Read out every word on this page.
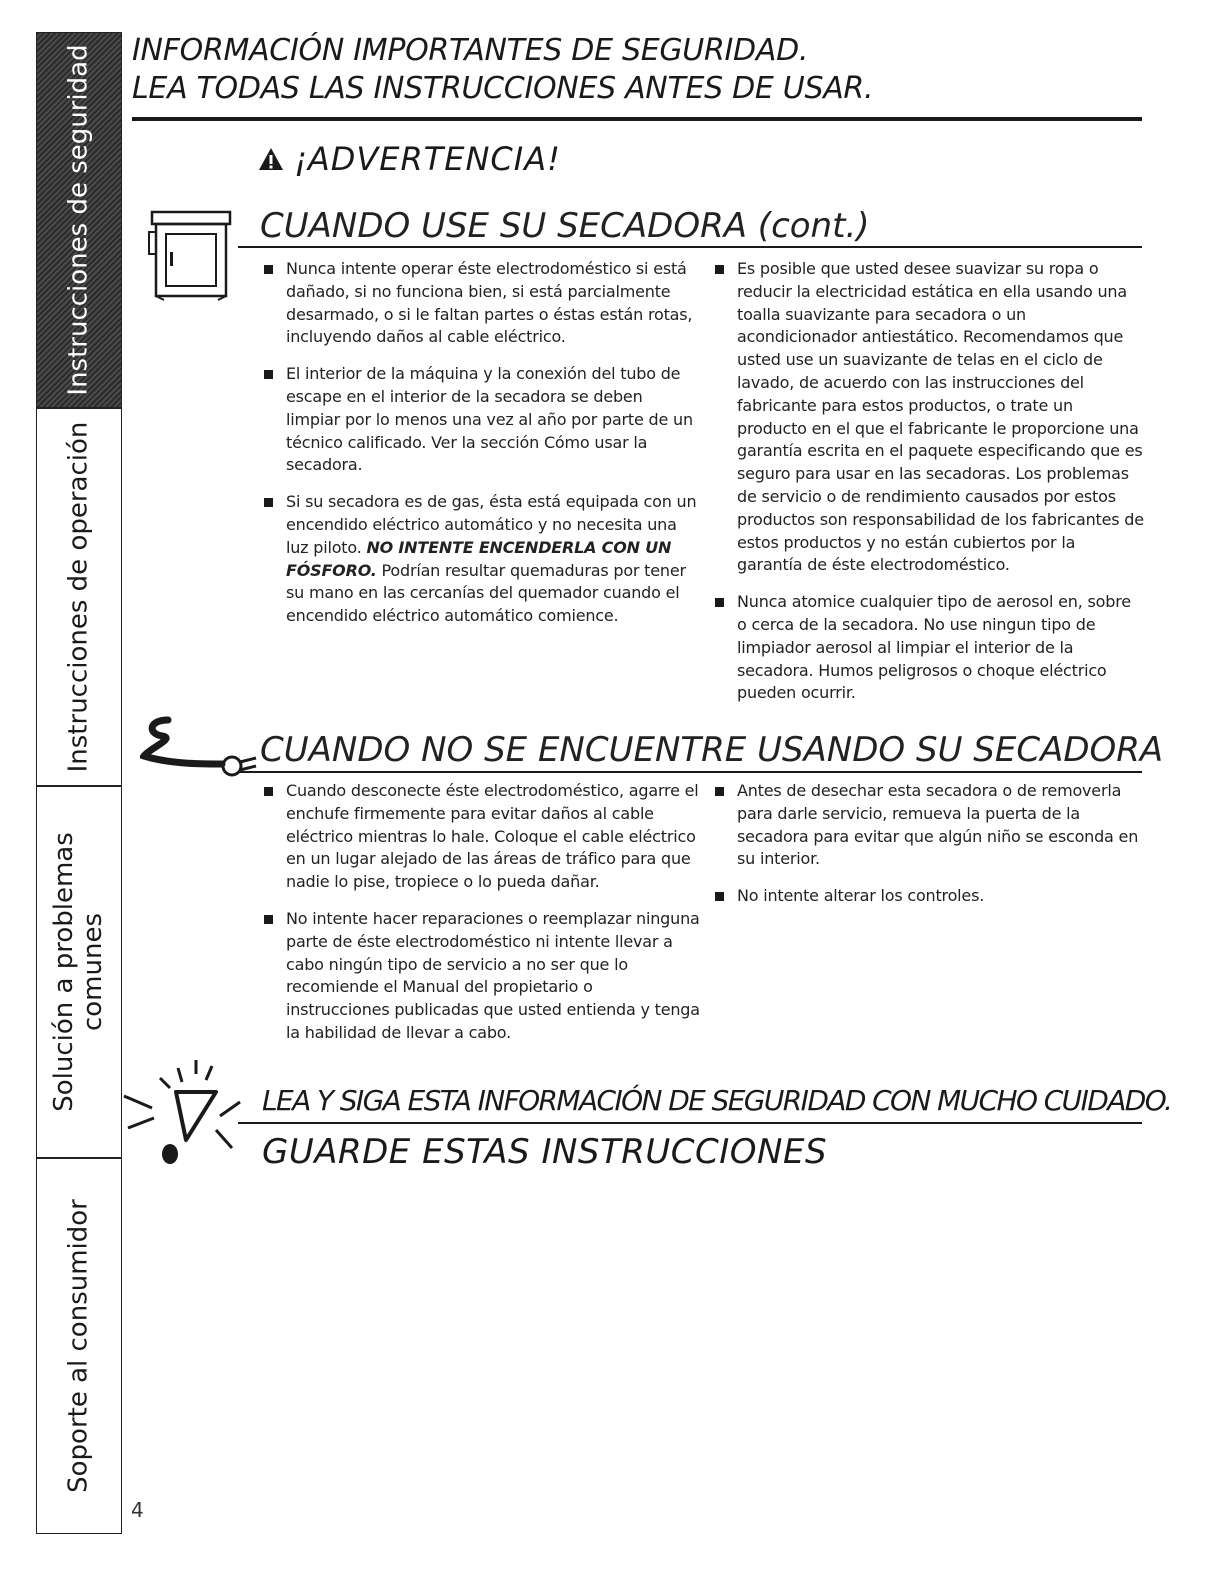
Instrucciones de seguridad
Instrucciones de operación
Solución a problemas comunes
Soporte al consumidor

INFORMACIÓN IMPORTANTES DE SEGURIDAD.

LEA TODAS LAS INSTRUCCIONES ANTES DE USAR.

¡ADVERTENCIA!
CUANDO USE SU SECADORA (cont.)
Nunca intente operar éste electrodoméstico si está dañado, si no funciona bien, si está parcialmente desarmado, o si le faltan partes o éstas están rotas, incluyendo daños al cable eléctrico.
El interior de la máquina y la conexión del tubo de escape en el interior de la secadora se deben limpiar por lo menos una vez al año por parte de un técnico calificado. Ver la sección Cómo usar la secadora.
Si su secadora es de gas, ésta está equipada con un encendido eléctrico automático y no necesita una luz piloto. NO INTENTE ENCENDERLA CON UN FÓSFORO. Podrían resultar quemaduras por tener su mano en las cercanías del quemador cuando el encendido eléctrico automático comience.
Es posible que usted desee suavizar su ropa o reducir la electricidad estática en ella usando una toalla suavizante para secadora o un acondicionador antiestático. Recomendamos que usted use un suavizante de telas en el ciclo de lavado, de acuerdo con las instrucciones del fabricante para estos productos, o trate un producto en el que el fabricante le proporcione una garantía escrita en el paquete especificando que es seguro para usar en las secadoras. Los problemas de servicio o de rendimiento causados por estos productos son responsabilidad de los fabricantes de estos productos y no están cubiertos por la garantía de éste electrodoméstico.
Nunca atomice cualquier tipo de aerosol en, sobre o cerca de la secadora. No use ningun tipo de limpiador aerosol al limpiar el interior de la secadora. Humos peligrosos o choque eléctrico pueden ocurrir.
CUANDO NO SE ENCUENTRE USANDO SU SECADORA
Cuando desconecte éste electrodoméstico, agarre el enchufe firmemente para evitar daños al cable eléctrico mientras lo hale. Coloque el cable eléctrico en un lugar alejado de las áreas de tráfico para que nadie lo pise, tropiece o lo pueda dañar.
No intente hacer reparaciones o reemplazar ninguna parte de éste electrodoméstico ni intente llevar a cabo ningún tipo de servicio a no ser que lo recomiende el Manual del propietario o instrucciones publicadas que usted entienda y tenga la habilidad de llevar a cabo.
Antes de desechar esta secadora o de removerla para darle servicio, remueva la puerta de la secadora para evitar que algún niño se esconda en su interior.
No intente alterar los controles.
LEA Y SIGA ESTA INFORMACIÓN DE SEGURIDAD CON MUCHO CUIDADO.
GUARDE ESTAS INSTRUCCIONES
4
